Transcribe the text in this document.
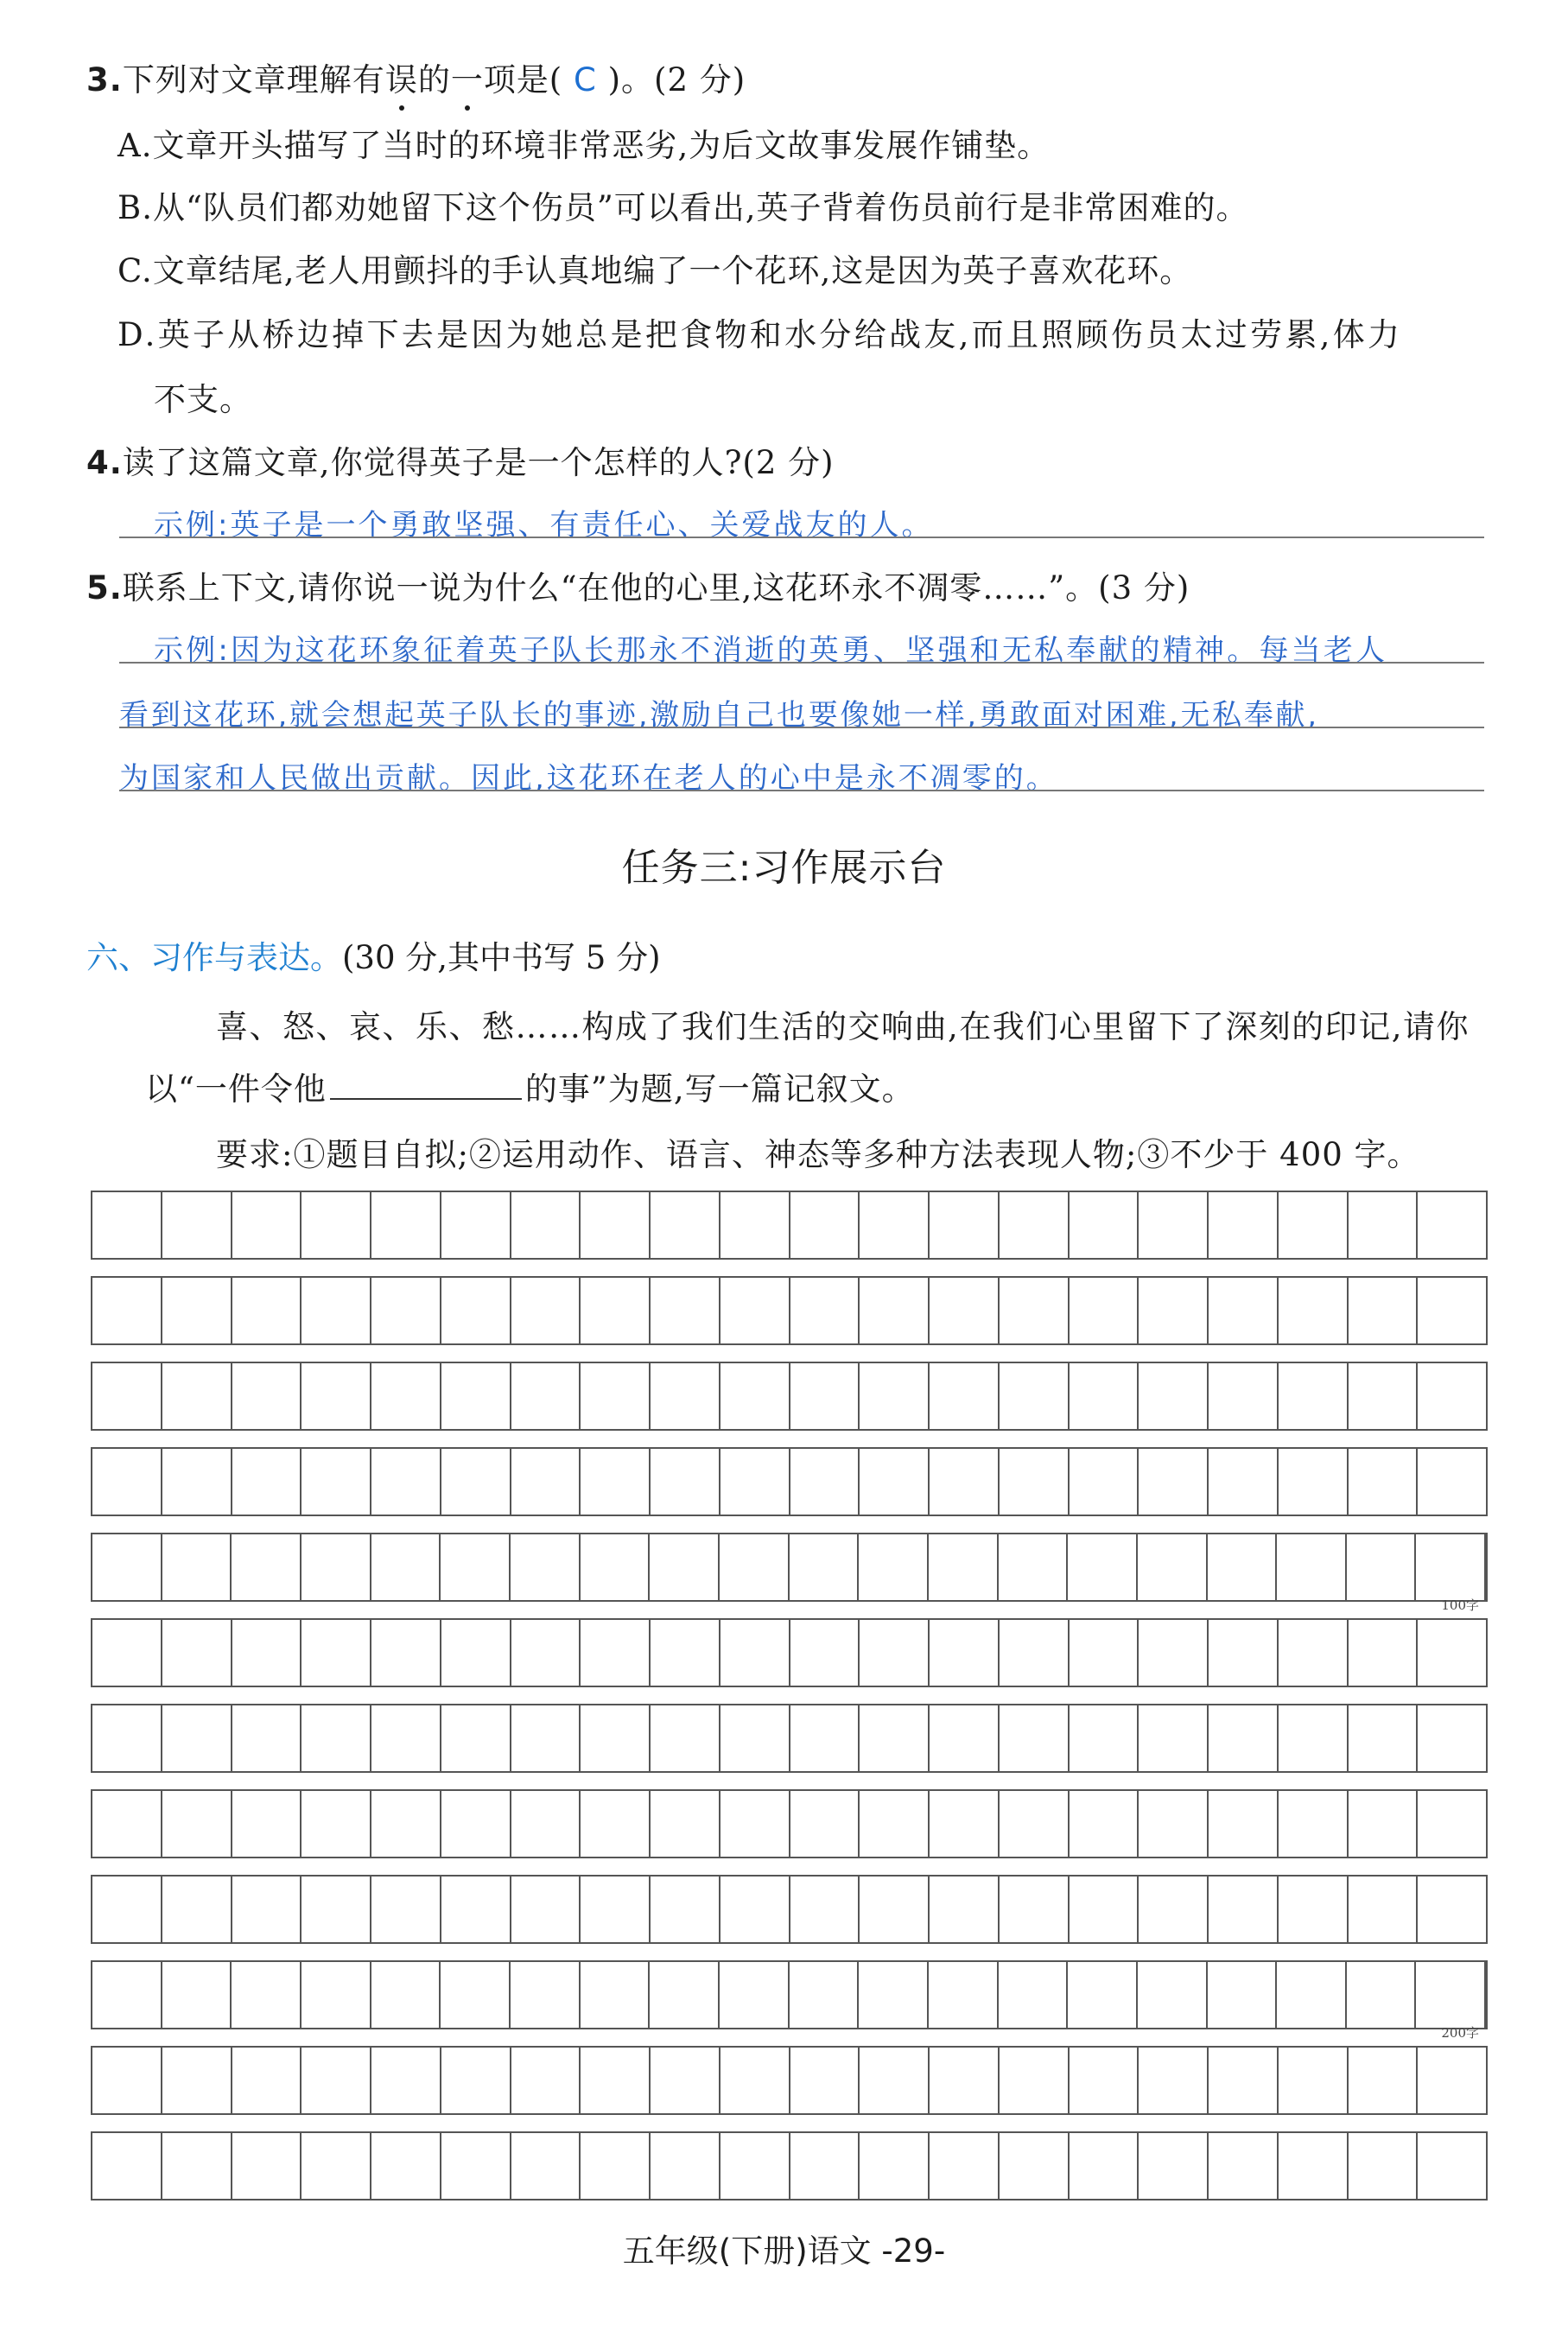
3.下列对文章理解有误的一项是( C )。(2 分)
A.文章开头描写了当时的环境非常恶劣,为后文故事发展作铺垫。
B.从“队员们都劝她留下这个伤员”可以看出,英子背着伤员前行是非常困难的。
C.文章结尾,老人用颤抖的手认真地编了一个花环,这是因为英子喜欢花环。
D.英子从桥边掉下去是因为她总是把食物和水分给战友,而且照顾伤员太过劳累,体力
不支。
4.读了这篇文章,你觉得英子是一个怎样的人?(2 分)
示例:英子是一个勇敢坚强、有责任心、关爱战友的人。
5.联系上下文,请你说一说为什么“在他的心里,这花环永不凋零……”。(3 分)
示例:因为这花环象征着英子队长那永不消逝的英勇、坚强和无私奉献的精神。每当老人
看到这花环,就会想起英子队长的事迹,激励自己也要像她一样,勇敢面对困难,无私奉献,
为国家和人民做出贡献。因此,这花环在老人的心中是永不凋零的。
任务三:习作展示台
六、习作与表达。(30 分,其中书写 5 分)
喜、怒、哀、乐、愁……构成了我们生活的交响曲,在我们心里留下了深刻的印记,请你
以“一件令他	的事”为题,写一篇记叙文。
要求:①题目自拟;②运用动作、语言、神态等多种方法表现人物;③不少于 400 字。
100字
200字
五年级(下册)语文 -29-
